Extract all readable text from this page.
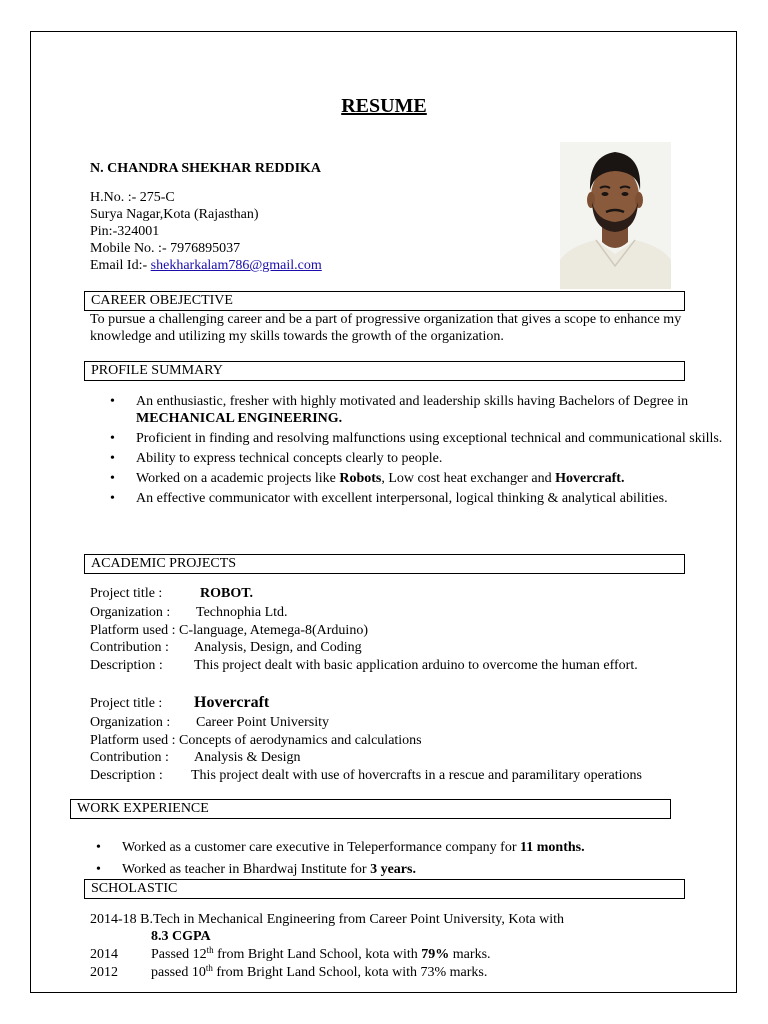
RESUME
N. CHANDRA SHEKHAR REDDIKA
H.No. :- 275-C
Surya Nagar,Kota (Rajasthan)
Pin:-324001
Mobile No. :- 7976895037
Email Id:- shekharkalam786@gmail.com
CAREER OBEJECTIVE
To pursue a challenging career and be a part of progressive organization that gives a scope to enhance my knowledge and utilizing my skills towards the growth of the organization.
PROFILE SUMMARY
• An enthusiastic, fresher with highly motivated and leadership skills having Bachelors of Degree in MECHANICAL ENGINEERING.
• Proficient in finding and resolving malfunctions using exceptional technical and communicational skills.
• Ability to express technical concepts clearly to people.
• Worked on a academic projects like Robots, Low cost heat exchanger and Hovercraft.
• An effective communicator with excellent interpersonal, logical thinking & analytical abilities.
ACADEMIC PROJECTS
Project title :	ROBOT.
Organization : Technophia Ltd.
Platform used : C-language, Atemega-8(Arduino)
Contribution : Analysis, Design, and Coding
Description : This project dealt with basic application arduino to overcome the human effort.
Project title : Hovercraft
Organization : Career Point University
Platform used : Concepts of aerodynamics and calculations
Contribution : Analysis & Design
Description : This project dealt with use of hovercrafts in a rescue and paramilitary operations
WORK EXPERIENCE
• Worked as a customer care executive in Teleperformance company for 11 months.
• Worked as teacher in Bhardwaj Institute for 3 years.
SCHOLASTIC
2014-18 B.Tech in Mechanical Engineering from Career Point University, Kota with
8.3 CGPA
2014 Passed 12th from Bright Land School, kota with 79% marks.
2012 passed 10th from Bright Land School, kota with 73% marks.
